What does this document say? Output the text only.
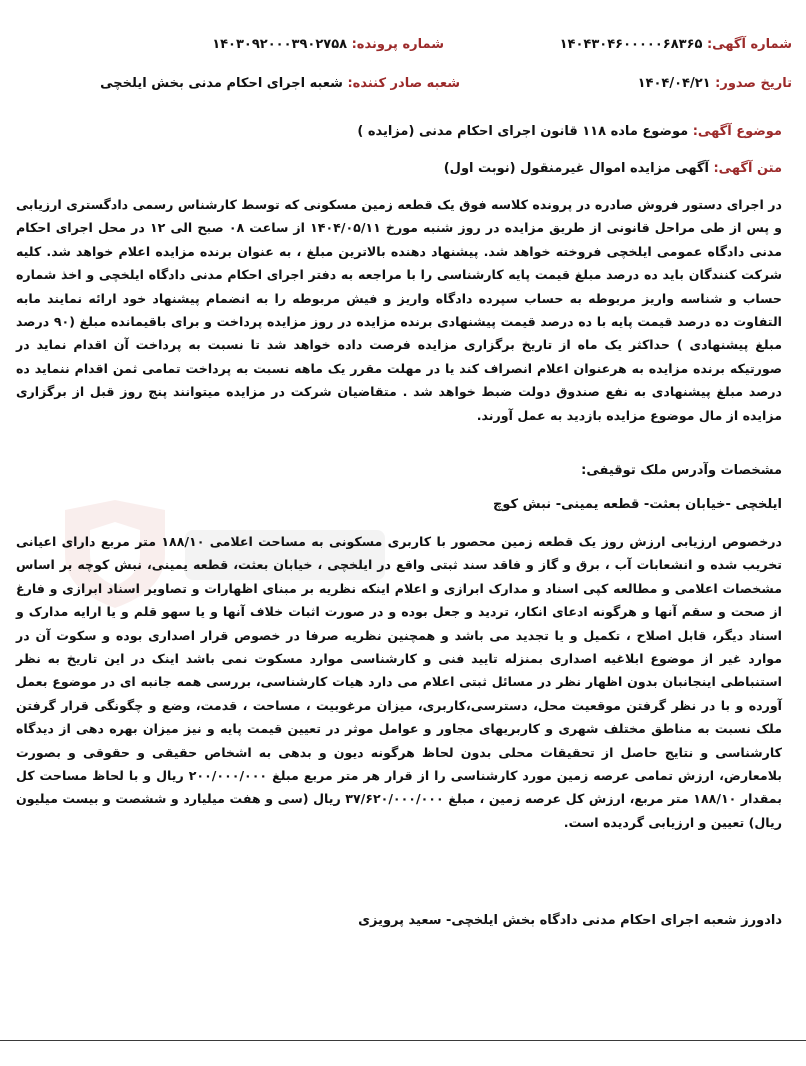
شماره آگهی: ۱۴۰۴۳۰۴۶۰۰۰۰۰۶۸۳۶۵
شماره پرونده: ۱۴۰۳۰۹۲۰۰۰۳۹۰۲۷۵۸
تاریخ صدور: ۱۴۰۴/۰۴/۲۱
شعبه صادر کننده: شعبه اجرای احکام مدنی بخش ایلخچی
موضوع آگهی: موضوع ماده ۱۱۸ قانون اجرای احکام مدنی (مزایده )
متن آگهی: آگهی مزایده اموال غیرمنقول (نوبت اول)

در اجرای دستور فروش صادره در پرونده کلاسه فوق یک قطعه زمین مسکونی که توسط کارشناس رسمی دادگستری ارزیابی و پس از طی مراحل قانونی از طریق مزایده در روز شنبه مورخ ۱۴۰۴/۰۵/۱۱ از ساعت ۰۸ صبح الی ۱۲ در محل اجرای احکام مدنی دادگاه عمومی ایلخچی فروخته خواهد شد. پیشنهاد دهنده بالاترین مبلغ ، به عنوان برنده مزایده اعلام خواهد شد. کلیه شرکت کنندگان باید ده درصد مبلغ قیمت پایه کارشناسی را با مراجعه به دفتر اجرای احکام مدنی دادگاه ایلخچی و اخذ شماره حساب و شناسه واریز مربوطه به حساب سپرده دادگاه واریز و فیش مربوطه را به انضمام پیشنهاد خود ارائه نمایند مابه التفاوت ده درصد قیمت پایه با ده درصد قیمت پیشنهادی برنده مزایده در روز مزایده پرداخت و برای باقیمانده مبلغ (۹۰ درصد مبلغ پیشنهادی ) حداکثر یک ماه از تاریخ برگزاری مزایده فرصت داده خواهد شد تا نسبت به پرداخت آن اقدام نماید در صورتیکه برنده مزایده به هرعنوان اعلام انصراف کند یا در مهلت مقرر یک ماهه نسبت به پرداخت تمامی ثمن اقدام ننماید ده درصد مبلغ پیشنهادی به نفع صندوق دولت ضبط خواهد شد . متقاضیان شرکت در مزایده میتوانند پنج روز قبل از برگزاری مزایده از مال موضوع مزایده بازدید به عمل آورند.

مشخصات وآدرس ملک توقیفی:
ایلخچی -خیابان بعثت- قطعه یمینی- نبش کوچ

درخصوص ارزیابی ارزش روز یک قطعه زمین محصور با کاربری مسکونی به مساحت اعلامی ۱۸۸/۱۰ متر مربع دارای اعیانی تخریب شده و انشعابات آب ، برق و گاز و فاقد سند ثبتی واقع در ایلخچی ، خیابان بعثت، قطعه یمینی، نبش کوچه بر اساس مشخصات اعلامی و مطالعه کپی اسناد و مدارک ابرازی و اعلام اینکه نظریه بر مبنای اظهارات و تصاویر اسناد ابرازی و فارغ از صحت و سقم آنها و هرگونه ادعای انکار، تردید و جعل بوده و در صورت اثبات خلاف آنها و یا سهو قلم و یا ارایه مدارک و اسناد دیگر، قابل اصلاح ، تکمیل و یا تجدید می باشد و همچنین نظریه صرفا در خصوص قرار اصداری بوده و سکوت آن در موارد غیر از موضوع ابلاغیه اصداری بمنزله تایید فنی و کارشناسی موارد مسکوت نمی باشد اینک در این تاریخ به نظر استنباطی اینجانبان بدون اظهار نظر در مسائل ثبتی اعلام می دارد هیات کارشناسی، بررسی همه جانبه ای در موضوع بعمل آورده و با در نظر گرفتن موقعیت محل، دسترسی،کاربری، میزان مرغوبیت ، مساحت ، قدمت، وضع و چگونگی قرار گرفتن ملک نسبت به مناطق مختلف شهری و کاربریهای مجاور و عوامل موثر در تعیین قیمت پایه و نیز میزان بهره دهی از دیدگاه کارشناسی و نتایج حاصل از تحقیقات محلی بدون لحاظ هرگونه دیون و بدهی به اشخاص حقیقی و حقوقی و بصورت بلامعارض، ارزش تمامی عرصه زمین مورد کارشناسی را از قرار هر متر مربع مبلغ ۲۰۰/۰۰۰/۰۰۰ ریال و با لحاظ مساحت کل بمقدار ۱۸۸/۱۰ متر مربع، ارزش کل عرصه زمین ، مبلغ ۳۷/۶۲۰/۰۰۰/۰۰۰ ریال (سی و هفت میلیارد و ششصت و بیست میلیون ریال) تعیین و ارزیابی گردیده است.

دادورز شعبه اجرای احکام مدنی دادگاه بخش ایلخچی- سعید پرویزی
